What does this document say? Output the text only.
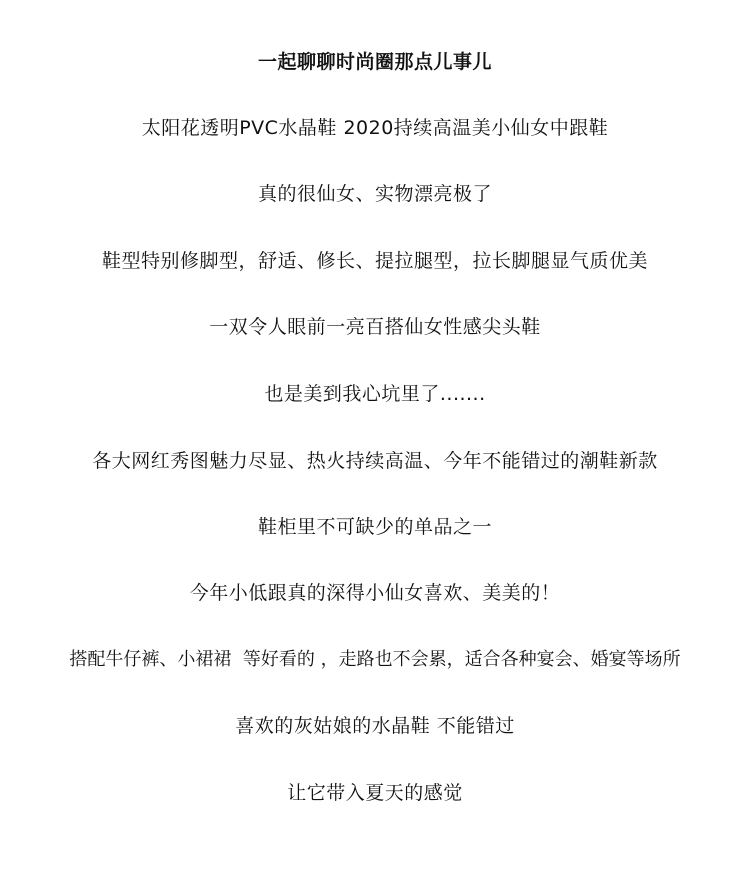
一起聊聊时尚圈那点儿事儿
太阳花透明PVC水晶鞋 2020持续高温美小仙女中跟鞋
真的很仙女、实物漂亮极了
鞋型特别修脚型，舒适、修长、提拉腿型，拉长脚腿显气质优美
一双令人眼前一亮百搭仙女性感尖头鞋
也是美到我心坑里了.......
各大网红秀图魅力尽显、热火持续高温、今年不能错过的潮鞋新款
鞋柜里不可缺少的单品之一
今年小低跟真的深得小仙女喜欢、美美的！
搭配牛仔裤、小裙裙  等好看的 ，走路也不会累，适合各种宴会、婚宴等场所
喜欢的灰姑娘的水晶鞋 不能错过
让它带入夏天的感觉
